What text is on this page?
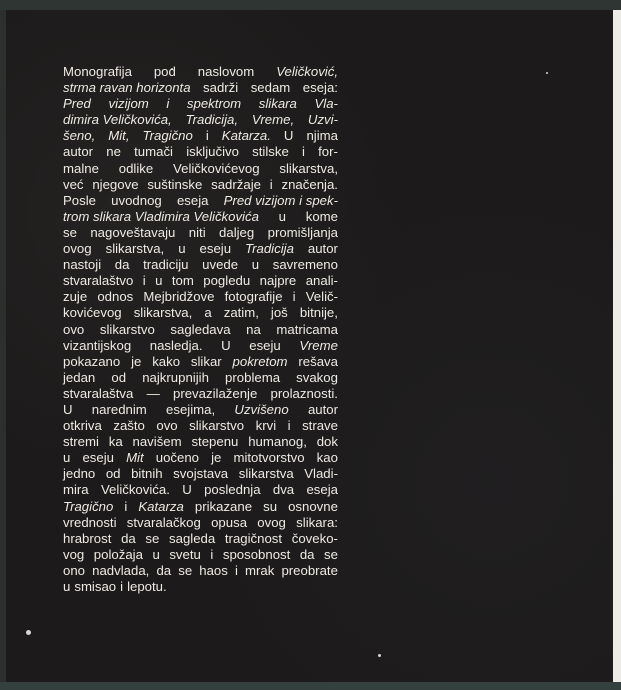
Monografija pod naslovom Veličković,
strma ravan horizonta sadrži sedam eseja:
Pred vizijom i spektrom slikara Vla-
dimira Veličkovića, Tradicija, Vreme, Uzvi-
šeno, Mit, Tragično i Katarza. U njima
autor ne tumači isključivo stilske i for-
malne odlike Veličkovićevog slikarstva,
već njegove suštinske sadržaje i značenja.
Posle uvodnog eseja Pred vizijom i spek-
trom slikara Vladimira Veličkovića u kome
se nagoveštavaju niti daljeg promišljanja
ovog slikarstva, u eseju Tradicija autor
nastoji da tradiciju uvede u savremeno
stvaralaštvo i u tom pogledu najpre anali-
zuje odnos Mejbridžove fotografije i Velič-
kovićevog slikarstva, a zatim, još bitnije,
ovo slikarstvo sagledava na matricama
vizantijskog nasledja. U eseju Vreme
pokazano je kako slikar pokretom rešava
jedan od najkrupnijih problema svakog
stvaralaštva — prevazilaženje prolaznosti.
U narednim esejima, Uzvišeno autor
otkriva zašto ovo slikarstvo krvi i strave
stremi ka navišem stepenu humanog, dok
u eseju Mit uočeno je mitotvorstvo kao
jedno od bitnih svojstava slikarstva Vladi-
mira Veličkovića. U poslednja dva eseja
Tragično i Katarza prikazane su osnovne
vrednosti stvaralačkog opusa ovog slikara:
hrabrost da se sagleda tragičnost čoveko-
vog položaja u svetu i sposobnost da se
ono nadvlada, da se haos i mrak preobrate
u smisao i lepotu.
